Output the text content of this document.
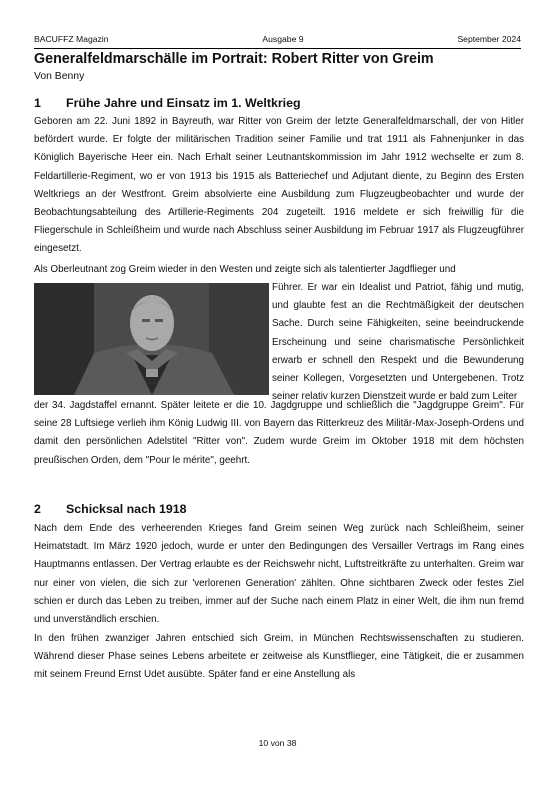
BACUFFZ Magazin	Ausgabe 9	September 2024
Generalfeldmarschälle im Portrait: Robert Ritter von Greim
Von Benny
1 Frühe Jahre und Einsatz im 1. Weltkrieg

Geboren am 22. Juni 1892 in Bayreuth, war Ritter von Greim der letzte Generalfeldmarschall, der von Hitler befördert wurde. Er folgte der militärischen Tradition seiner Familie und trat 1911 als Fahnenjunker in das Königlich Bayerische Heer ein. Nach Erhalt seiner Leutnantskommission im Jahr 1912 wechselte er zum 8. Feldartillerie-Regiment, wo er von 1913 bis 1915 als Batteriechef und Adjutant diente, zu Beginn des Ersten Weltkriegs an der Westfront. Greim absolvierte eine Ausbildung zum Flugzeugbeobachter und wurde der Beobachtungsabteilung des Artillerie-Regiments 204 zugeteilt. 1916 meldete er sich freiwillig für die Fliegerschule in Schleißheim und wurde nach Abschluss seiner Ausbildung im Februar 1917 als Flugzeugführer eingesetzt.

Als Oberleutnant zog Greim wieder in den Westen und zeigte sich als talentierter Jagdflieger und

Führer. Er war ein Idealist und Patriot, fähig und mutig, und glaubte fest an die Rechtmäßigkeit der deutschen Sache. Durch seine Fähigkeiten, seine beeindruckende Erscheinung und seine charismatische Persönlichkeit erwarb er schnell den Respekt und die Bewunderung seiner Kollegen, Vorgesetzten und Untergebenen. Trotz seiner relativ kurzen Dienstzeit wurde er bald zum Leiter

der 34. Jagdstaffel ernannt. Später leitete er die 10. Jagdgruppe und schließlich die "Jagdgruppe Greim". Für seine 28 Luftsiege verlieh ihm König Ludwig III. von Bayern das Ritterkreuz des Militär-Max-Joseph-Ordens und damit den persönlichen Adelstitel "Ritter von". Zudem wurde Greim im Oktober 1918 mit dem höchsten preußischen Orden, dem "Pour le mérite", geehrt.

2 Schicksal nach 1918

Nach dem Ende des verheerenden Krieges fand Greim seinen Weg zurück nach Schleißheim, seiner Heimatstadt. Im März 1920 jedoch, wurde er unter den Bedingungen des Versailler Vertrags im Rang eines Hauptmanns entlassen. Der Vertrag erlaubte es der Reichswehr nicht, Luftstreitkräfte zu unterhalten. Greim war nur einer von vielen, die sich zur 'verlorenen Generation' zählten. Ohne sichtbaren Zweck oder festes Ziel schien er durch das Leben zu treiben, immer auf der Suche nach einem Platz in einer Welt, die ihm nun fremd und unverständlich erschien.

In den frühen zwanziger Jahren entschied sich Greim, in München Rechtswissenschaften zu studieren. Während dieser Phase seines Lebens arbeitete er zeitweise als Kunstflieger, eine Tätigkeit, die er zusammen mit seinem Freund Ernst Udet ausübte. Später fand er eine Anstellung als

10 von 38
